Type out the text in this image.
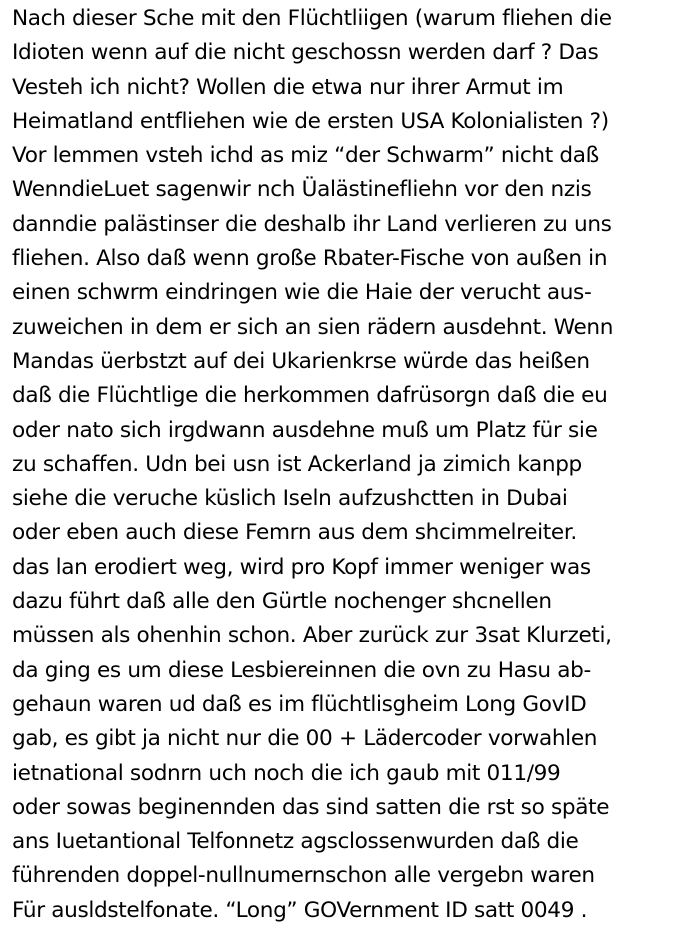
Nach dieser Sche mit den Flüchtliigen (warum fliehen die
Idioten wenn auf die nicht geschossn werden darf ? Das
Vesteh ich nicht? Wollen die etwa nur ihrer Armut im
Heimatland entfliehen wie de ersten USA Kolonialisten ?)
Vor lemmen vsteh ichd as miz “der Schwarm” nicht daß
WenndieLuet sagenwir nch Üalästinefliehn vor den nzis
danndie palästinser die deshalb ihr Land verlieren zu uns
fliehen. Also daß wenn große Rbater-Fische von außen in
einen schwrm eindringen wie die Haie der verucht aus-
zuweichen in dem er sich an sien rädern ausdehnt. Wenn
Mandas üerbstzt auf dei Ukarienkrse würde das heißen
daß die Flüchtlige die herkommen dafrüsorgn daß die eu
oder nato sich irgdwann ausdehne muß um Platz für sie
zu schaffen. Udn bei usn ist Ackerland ja zimich kanpp
siehe die veruche küslich Iseln aufzushctten in Dubai
oder eben auch diese Femrn aus dem shcimmelreiter.
das lan erodiert weg, wird pro Kopf immer weniger was
dazu führt daß alle den Gürtle nochenger shcnellen
müssen als ohenhin schon. Aber zurück zur 3sat Klurzeti,
da ging es um diese Lesbiereinnen die ovn zu Hasu ab-
gehaun waren ud daß es im flüchtlisgheim Long GovID
gab, es gibt ja nicht nur die 00 + Lädercoder vorwahlen
ietnational sodnrn uch noch die ich gaub mit 011/99
oder sowas beginennden das sind satten die rst so späte
ans Iuetantional Telfonnetz agsclossenwurden daß die
führenden doppel-nullnumernschon alle vergebn waren
Für ausldstelfonate. “Long” GOVernment ID satt 0049 .
